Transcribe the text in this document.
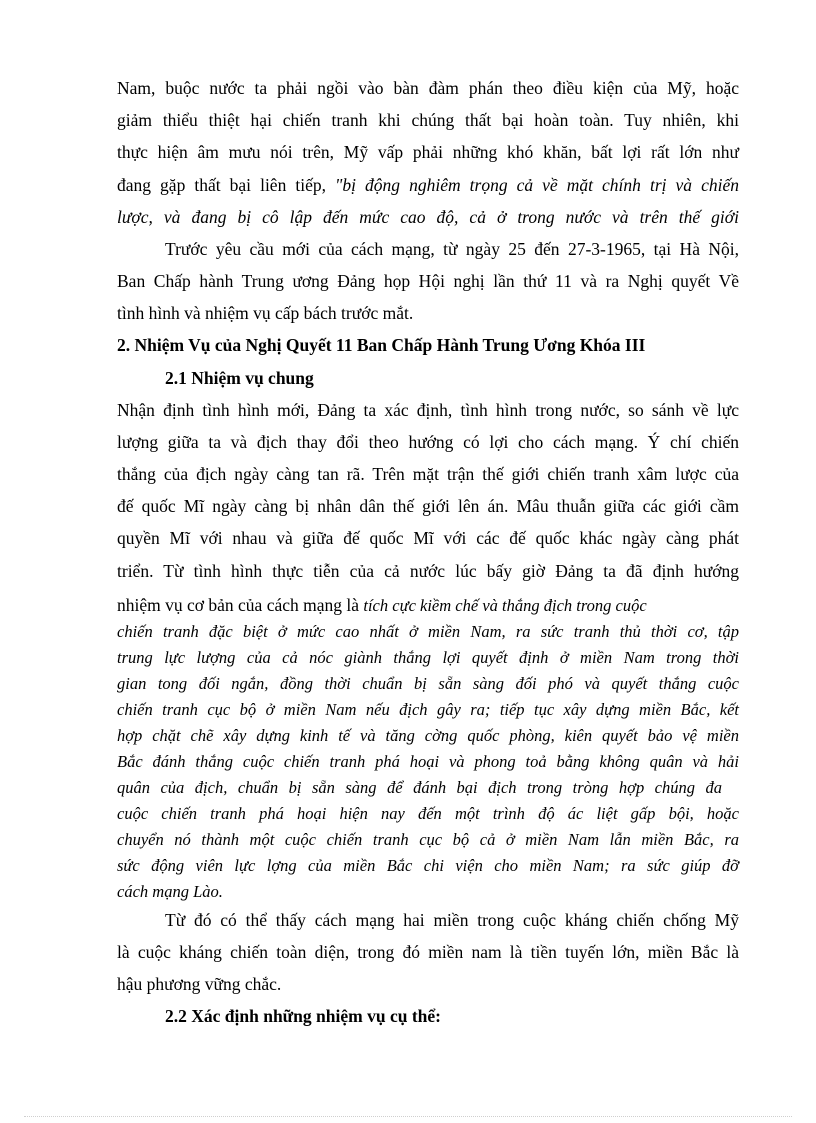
Nam, buộc nước ta phải ngồi vào bàn đàm phán theo điều kiện của Mỹ, hoặc
giảm thiểu thiệt hại chiến tranh khi chúng thất bại hoàn toàn. Tuy nhiên, khi
thực hiện âm mưu nói trên, Mỹ vấp phải những khó khăn, bất lợi rất lớn như
đang gặp thất bại liên tiếp, "bị động nghiêm trọng cả về mặt chính trị và chiến
lược, và đang bị cô lập đến mức cao độ, cả ở trong nước và trên thế giới
Trước yêu cầu mới của cách mạng, từ ngày 25 đến 27-3-1965, tại Hà Nội,
Ban Chấp hành Trung ương Đảng họp Hội nghị lần thứ 11 và ra Nghị quyết Về
tình hình và nhiệm vụ cấp bách trước mắt.
2. Nhiệm Vụ của Nghị Quyết 11 Ban Chấp Hành Trung Ương Khóa III
2.1 Nhiệm vụ chung
Nhận định tình hình mới, Đảng ta xác định, tình hình trong nước, so sánh về lực
lượng giữa ta và địch thay đổi theo hướng có lợi cho cách mạng. Ý chí chiến
thắng của địch ngày càng tan rã. Trên mặt trận thế giới chiến tranh xâm lược của
đế quốc Mĩ ngày càng bị nhân dân thế giới lên án. Mâu thuẫn giữa các giới cầm
quyền Mĩ với nhau và giữa đế quốc Mĩ với các đế quốc khác ngày càng phát
triển. Từ tình hình thực tiễn của cả nước lúc bấy giờ Đảng ta đã định hướng
nhiệm vụ cơ bản của cách mạng là tích cực kiềm chế và thắng địch trong cuộc
chiến tranh đặc biệt ở mức cao nhất ở miền Nam, ra sức tranh thủ thời cơ, tập
trung lực lượng của cả nóc giành thắng lợi quyết định ở miền Nam trong thời
gian tong đối ngắn, đồng thời chuẩn bị sẵn sàng đối phó và quyết thắng cuộc
chiến tranh cục bộ ở miền Nam nếu địch gây ra; tiếp tục xây dựng miền Bắc, kết
hợp chặt chẽ xây dựng kinh tế và tăng cờng quốc phòng, kiên quyết bảo vệ miền
Bắc đánh thắng cuộc chiến tranh phá hoại và phong toả bằng không quân và hải
quân của địch, chuẩn bị sẵn sàng để đánh bại địch trong tròng hợp chúng đa
cuộc chiến tranh phá hoại hiện nay đến một trình độ ác liệt gấp bội, hoặc
chuyển nó thành một cuộc chiến tranh cục bộ cả ở miền Nam lẫn miền Bắc, ra
sức động viên lực lợng của miền Bắc chi viện cho miền Nam; ra sức giúp đỡ
cách mạng Lào.
Từ đó có thể thấy cách mạng hai miền trong cuộc kháng chiến chống Mỹ
là cuộc kháng chiến toàn diện, trong đó miền nam là tiền tuyến lớn, miền Bắc là
hậu phương vững chắc.
2.2 Xác định những nhiệm vụ cụ thể:
